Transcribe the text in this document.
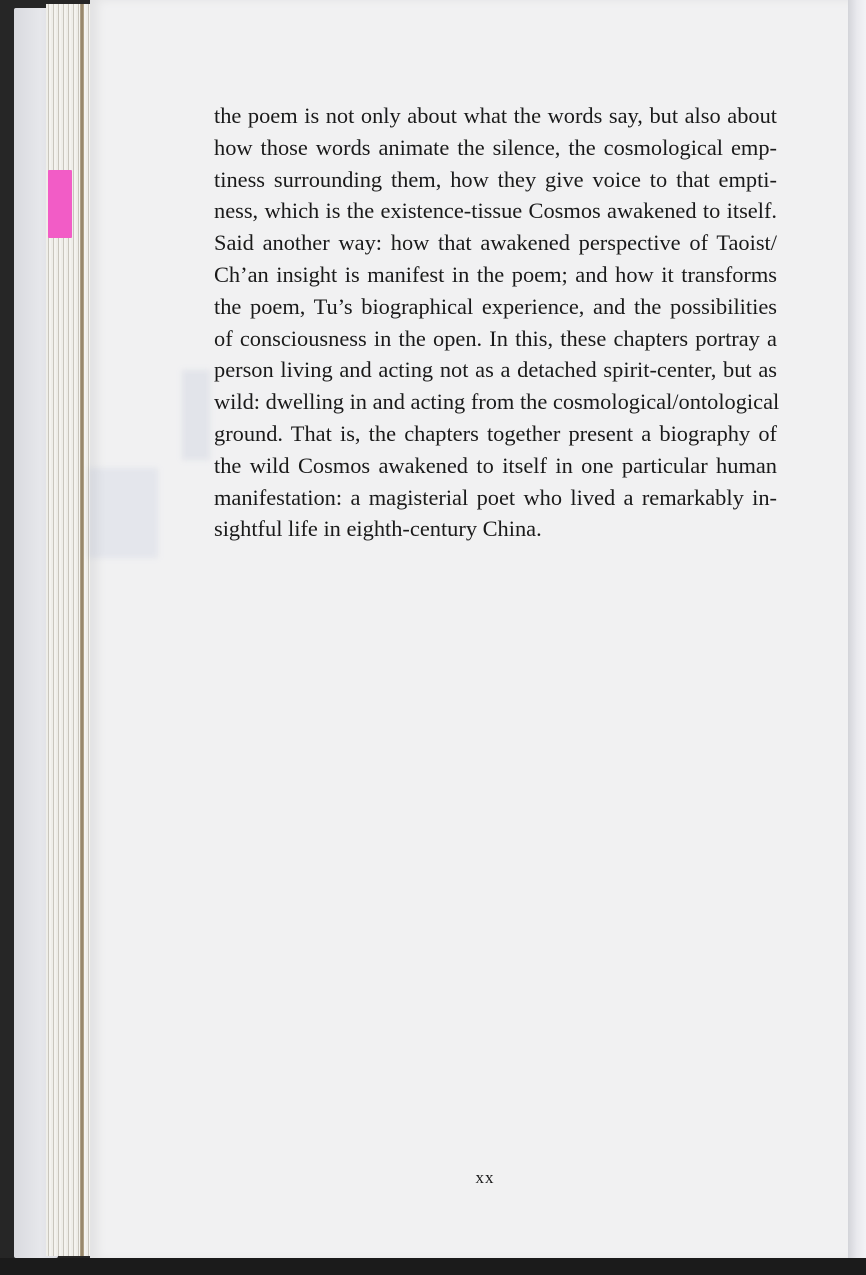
the poem is not only about what the words say, but also about
how those words animate the silence, the cosmological emp-
tiness surrounding them, how they give voice to that empti-
ness, which is the existence-tissue Cosmos awakened to itself.
Said another way: how that awakened perspective of Taoist/
Ch’an insight is manifest in the poem; and how it transforms
the poem, Tu’s biographical experience, and the possibilities
of consciousness in the open. In this, these chapters portray a
person living and acting not as a detached spirit-center, but as
wild: dwelling in and acting from the cosmological/ontological
ground. That is, the chapters together present a biography of
the wild Cosmos awakened to itself in one particular human
manifestation: a magisterial poet who lived a remarkably in-
sightful life in eighth-century China.
xx
